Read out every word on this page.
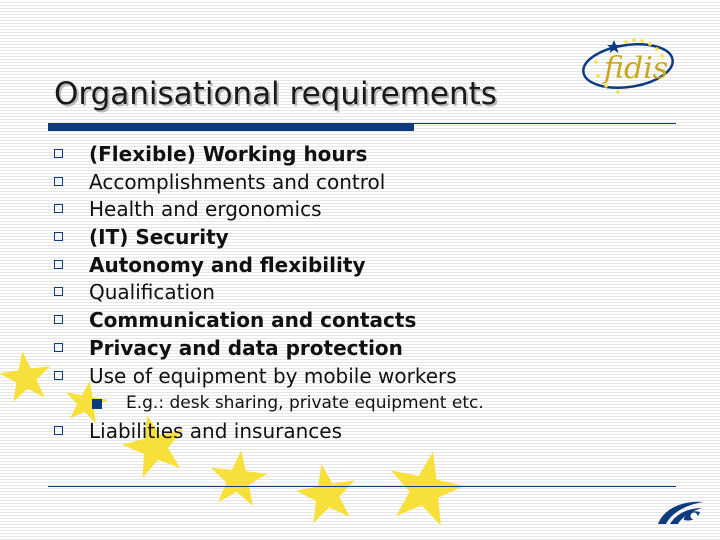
fidis
Organisational requirements
(Flexible) Working hours
Accomplishments and control
Health and ergonomics
(IT) Security
Autonomy and flexibility
Qualification
Communication and contacts
Privacy and data protection
Use of equipment by mobile workers
E.g.: desk sharing, private equipment etc.
Liabilities and insurances
